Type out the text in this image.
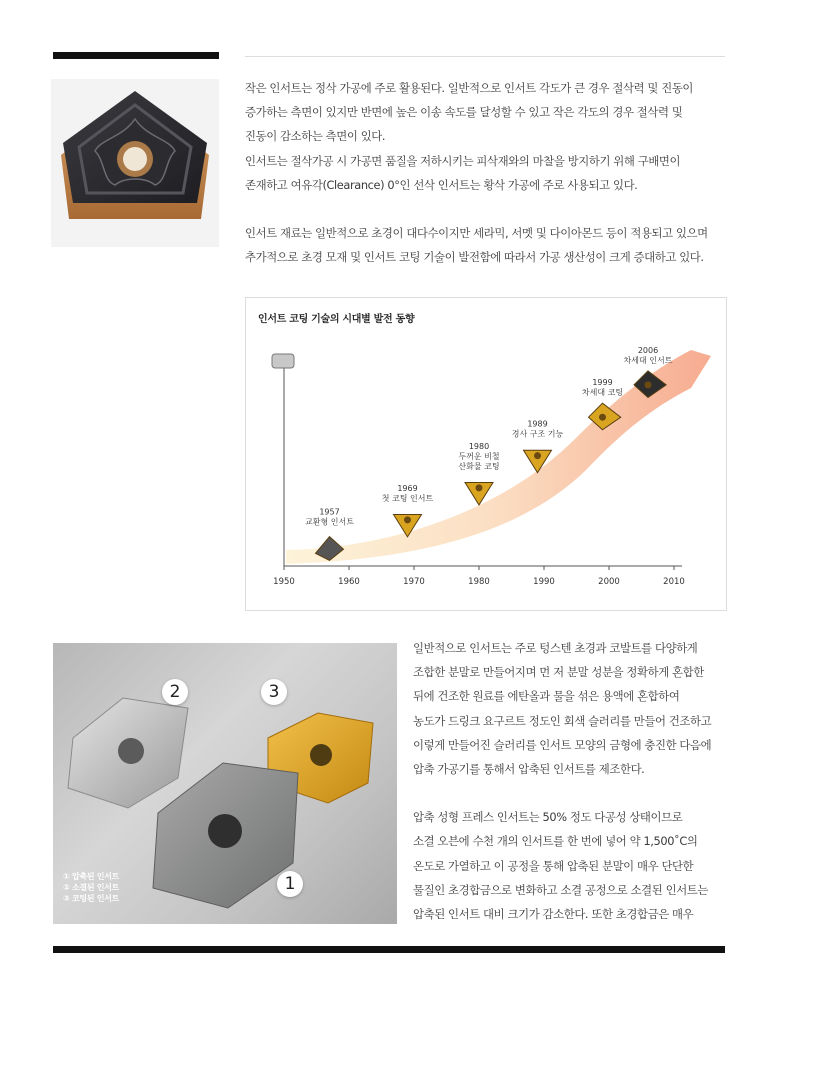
작은 인서트는 정삭 가공에 주로 활용된다. 일반적으로 인서트 각도가 큰 경우 절삭력 및 진동이

증가하는 측면이 있지만 반면에 높은 이송 속도를 달성할 수 있고 작은 각도의 경우 절삭력 및

진동이 감소하는 측면이 있다.

인서트는 절삭가공 시 가공면 품질을 저하시키는 피삭재와의 마찰을 방지하기 위해 구배면이

존재하고 여유각(Clearance) 0°인 선삭 인서트는 황삭 가공에 주로 사용되고 있다.

인서트 재료는 일반적으로 초경이 대다수이지만 세라믹, 서멧 및 다이아몬드 등이 적용되고 있으며

추가적으로 초경 모재 및 인서트 코팅 기술이 발전함에 따라서 가공 생산성이 크게 증대하고 있다.

인서트 코팅 기술의 시대별 발전 동향
1950	1960	1970	1980	1990	2000	2010
1957
교환형 인서트
1969
첫 코팅 인서트
1980
두꺼운 비철
산화물 코팅
1989
경사 구조 기능
1999
차세대 코팅
2006
차세대 인서트
2	3
1
① 압축된 인서트
② 소결된 인서트
③ 코팅된 인서트

일반적으로 인서트는 주로 텅스텐 초경과 코발트를 다양하게

조합한 분말로 만들어지며 먼 저 분말 성분을 정확하게 혼합한

뒤에 건조한 원료를 에탄올과 물을 섞은 용액에 혼합하여

농도가 드링크 요구르트 정도인 회색 슬러리를 만들어 건조하고

이렇게 만들어진 슬러리를 인서트 모양의 금형에 충진한 다음에

압축 가공기를 통해서 압축된 인서트를 제조한다.

압축 성형 프레스 인서트는 50% 정도 다공성 상태이므로

소결 오븐에 수천 개의 인서트를 한 번에 넣어 약 1,500˚C의

온도로 가열하고 이 공정을 통해 압축된 분말이 매우 단단한

물질인 초경합금으로 변화하고 소결 공정으로 소결된 인서트는

압축된 인서트 대비 크기가 감소한다. 또한 초경합금은 매우
